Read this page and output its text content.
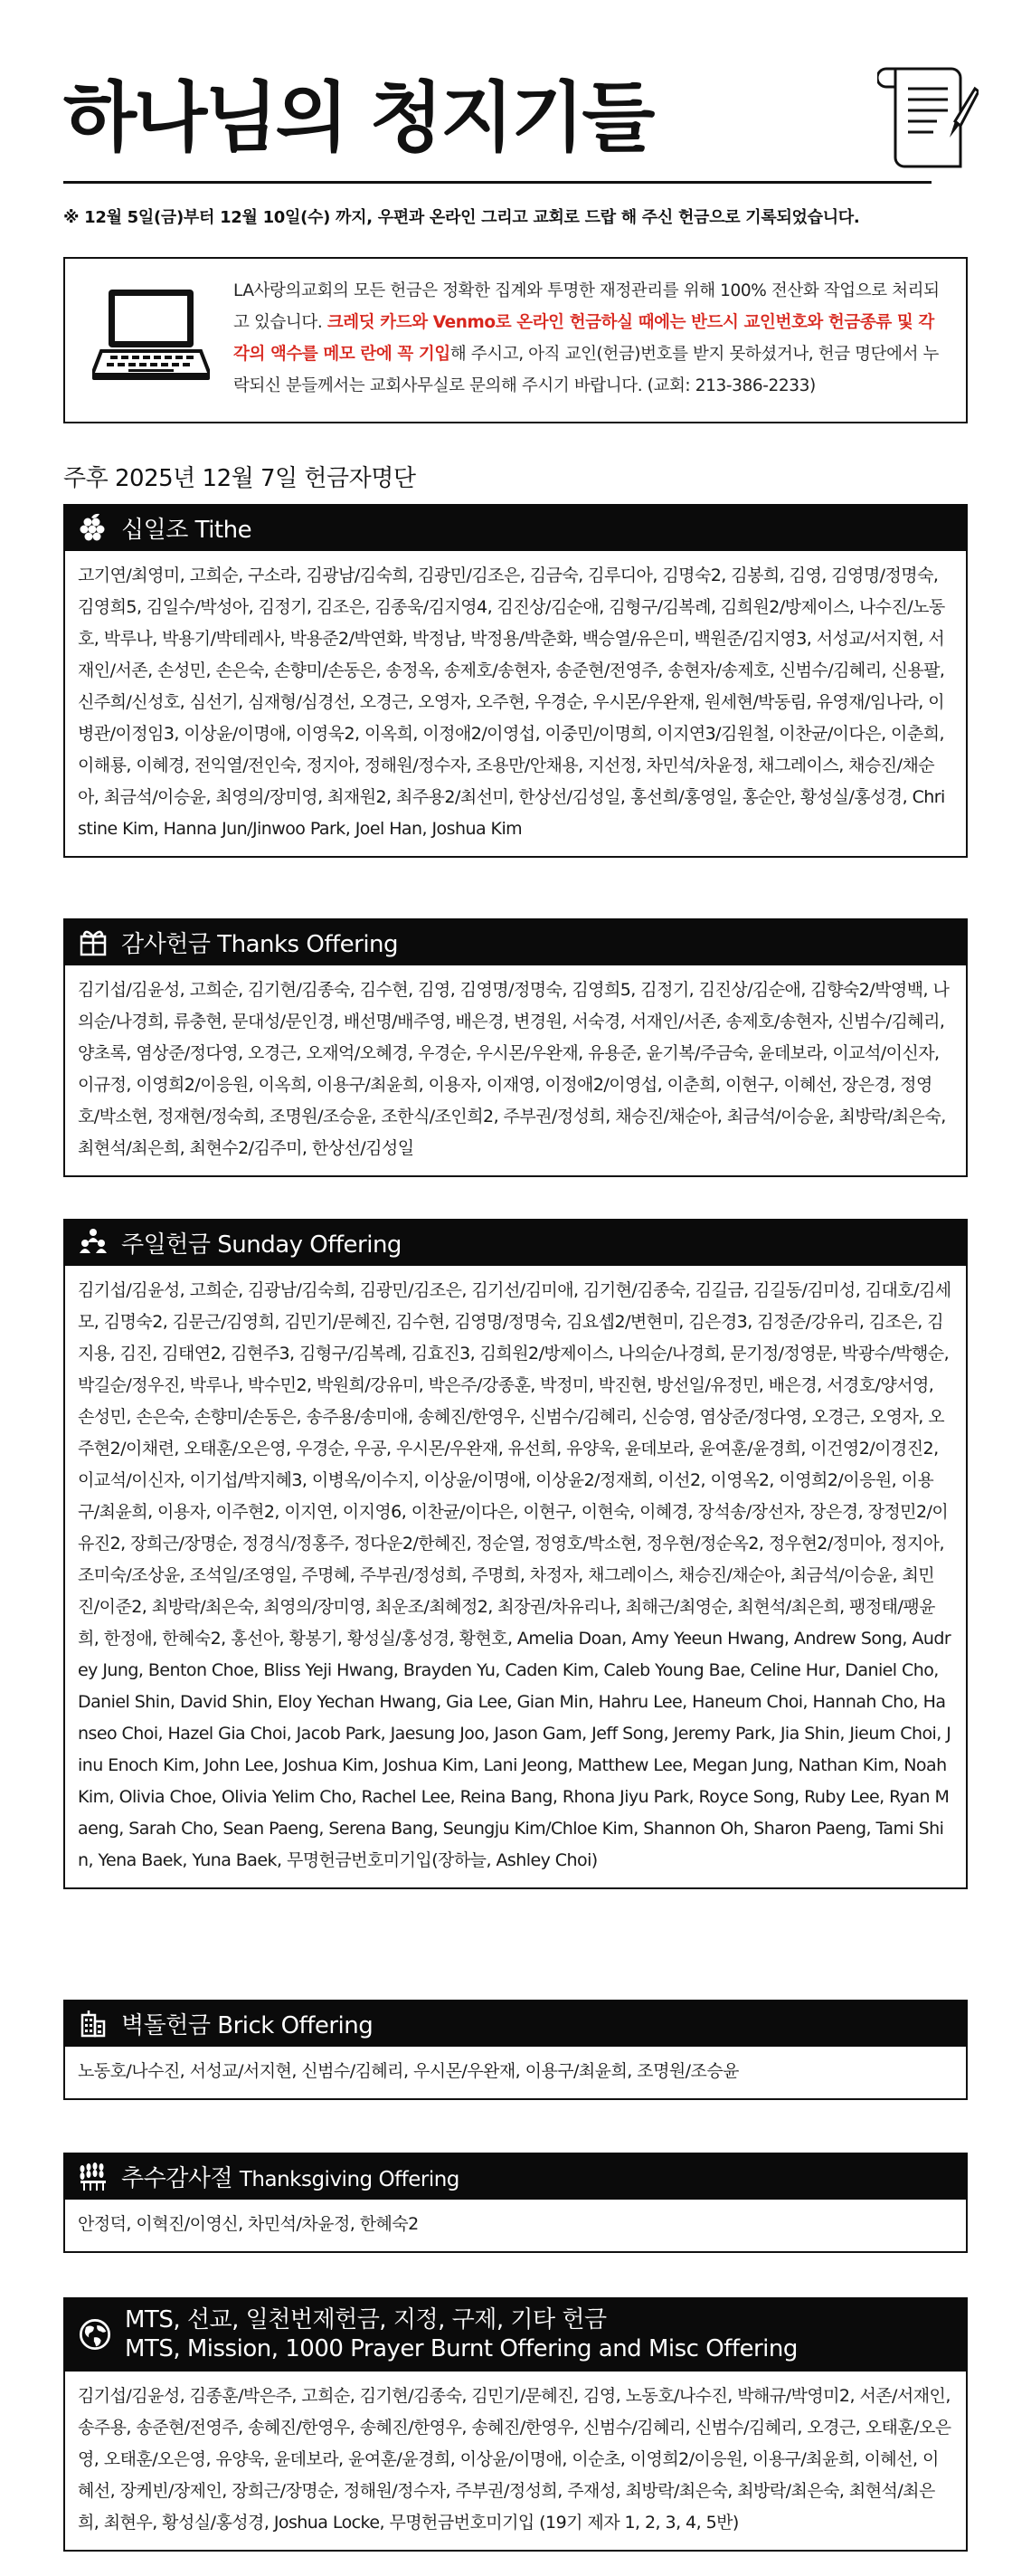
하나님의 청지기들
※ 12월 5일(금)부터 12월 10일(수) 까지, 우편과 온라인 그리고 교회로 드랍 해 주신 헌금으로 기록되었습니다.
LA사랑의교회의 모든 헌금은 정확한 집계와 투명한 재정관리를 위해 100% 전산화 작업으로 처리되고 있습니다. 크레딧 카드와 Venmo로 온라인 헌금하실 때에는 반드시 교인번호와 헌금종류 및 각각의 액수를 메모 란에 꼭 기입해 주시고, 아직 교인(헌금)번호를 받지 못하셨거나, 헌금 명단에서 누락되신 분들께서는 교회사무실로 문의해 주시기 바랍니다. (교회: 213-386-2233)
주후 2025년 12월 7일 헌금자명단
십일조 Tithe
고기연/최영미, 고희순, 구소라, 김광남/김숙희, 김광민/김조은, 김금숙, 김루디아, 김명숙2, 김봉희, 김영, 김영명/정명숙, 김영희5, 김일수/박성아, 김정기, 김조은, 김종욱/김지영4, 김진상/김순애, 김형구/김복례, 김희원2/방제이스, 나수진/노동호, 박루나, 박용기/박테레사, 박용준2/박연화, 박정남, 박정용/박춘화, 백승열/유은미, 백원준/김지영3, 서성교/서지현, 서재인/서존, 손성민, 손은숙, 손향미/손동은, 송정옥, 송제호/송현자, 송준현/전영주, 송현자/송제호, 신범수/김혜리, 신용팔, 신주희/신성호, 심선기, 심재형/심경선, 오경근, 오영자, 오주현, 우경순, 우시몬/우완재, 원세현/박동림, 유영재/임나라, 이병관/이정임3, 이상윤/이명애, 이영욱2, 이옥희, 이정애2/이영섭, 이중민/이명희, 이지연3/김원철, 이찬균/이다은, 이춘희, 이해룡, 이혜경, 전익열/전인숙, 정지아, 정해원/정수자, 조용만/안채용, 지선정, 차민석/차윤정, 채그레이스, 채승진/채순아, 최금석/이승윤, 최영의/장미영, 최재원2, 최주용2/최선미, 한상선/김성일, 홍선희/홍영일, 홍순안, 황성실/홍성경, Christine Kim, Hanna Jun/Jinwoo Park, Joel Han, Joshua Kim
감사헌금 Thanks Offering
김기섭/김윤성, 고희순, 김기현/김종숙, 김수현, 김영, 김영명/정명숙, 김영희5, 김정기, 김진상/김순애, 김향숙2/박영백, 나의순/나경희, 류충현, 문대성/문인경, 배선명/배주영, 배은경, 변경원, 서숙경, 서재인/서존, 송제호/송현자, 신범수/김혜리, 양초록, 염상준/정다영, 오경근, 오재억/오혜경, 우경순, 우시몬/우완재, 유용준, 윤기복/주금숙, 윤데보라, 이교석/이신자, 이규정, 이영희2/이응원, 이옥희, 이용구/최윤희, 이용자, 이재영, 이정애2/이영섭, 이춘희, 이현구, 이혜선, 장은경, 정영호/박소현, 정재현/정숙희, 조명원/조승윤, 조한식/조인희2, 주부권/정성희, 채승진/채순아, 최금석/이승윤, 최방락/최은숙, 최현석/최은희, 최현수2/김주미, 한상선/김성일
주일헌금 Sunday Offering
김기섭/김윤성, 고희순, 김광남/김숙희, 김광민/김조은, 김기선/김미애, 김기현/김종숙, 김길금, 김길동/김미성, 김대호/김세모, 김명숙2, 김문근/김영희, 김민기/문혜진, 김수현, 김영명/정명숙, 김요셉2/변현미, 김은경3, 김정준/강유리, 김조은, 김지용, 김진, 김태연2, 김현주3, 김형구/김복례, 김효진3, 김희원2/방제이스, 나의순/나경희, 문기정/정영문, 박광수/박행순, 박길순/정우진, 박루나, 박수민2, 박원희/강유미, 박은주/강종훈, 박정미, 박진현, 방선일/유정민, 배은경, 서경호/양서영, 손성민, 손은숙, 손향미/손동은, 송주용/송미애, 송혜진/한영우, 신범수/김혜리, 신승영, 염상준/정다영, 오경근, 오영자, 오주현2/이채련, 오태훈/오은영, 우경순, 우공, 우시몬/우완재, 유선희, 유양욱, 윤데보라, 윤여훈/윤경희, 이건영2/이경진2, 이교석/이신자, 이기섭/박지혜3, 이병옥/이수지, 이상윤/이명애, 이상윤2/정재희, 이선2, 이영옥2, 이영희2/이응원, 이용구/최윤희, 이용자, 이주현2, 이지연, 이지영6, 이찬균/이다은, 이현구, 이현숙, 이혜경, 장석송/장선자, 장은경, 장정민2/이유진2, 장희근/장명순, 정경식/정홍주, 정다운2/한혜진, 정순열, 정영호/박소현, 정우현/정순옥2, 정우현2/정미아, 정지아, 조미숙/조상윤, 조석일/조영일, 주명혜, 주부권/정성희, 주명희, 차정자, 채그레이스, 채승진/채순아, 최금석/이승윤, 최민진/이준2, 최방락/최은숙, 최영의/장미영, 최운조/최혜정2, 최장권/차유리나, 최해근/최영순, 최현석/최은희, 팽정태/팽윤희, 한정애, 한혜숙2, 홍선아, 황봉기, 황성실/홍성경, 황현호, Amelia Doan, Amy Yeeun Hwang, Andrew Song, Audrey Jung, Benton Choe, Bliss Yeji Hwang, Brayden Yu, Caden Kim, Caleb Young Bae, Celine Hur, Daniel Cho, Daniel Shin, David Shin, Eloy Yechan Hwang, Gia Lee, Gian Min, Hahru Lee, Haneum Choi, Hannah Cho, Hanseo Choi, Hazel Gia Choi, Jacob Park, Jaesung Joo, Jason Gam, Jeff Song, Jeremy Park, Jia Shin, Jieum Choi, Jinu Enoch Kim, John Lee, Joshua Kim, Joshua Kim, Lani Jeong, Matthew Lee, Megan Jung, Nathan Kim, Noah Kim, Olivia Choe, Olivia Yelim Cho, Rachel Lee, Reina Bang, Rhona Jiyu Park, Royce Song, Ruby Lee, Ryan Maeng, Sarah Cho, Sean Paeng, Serena Bang, Seungju Kim/Chloe Kim, Shannon Oh, Sharon Paeng, Tami Shin, Yena Baek, Yuna Baek, 무명헌금번호미기입(장하늘, Ashley Choi)
벽돌헌금 Brick Offering
노동호/나수진, 서성교/서지현, 신범수/김혜리, 우시몬/우완재, 이용구/최윤희, 조명원/조승윤
추수감사절 Thanksgiving Offering
안정덕, 이혁진/이영신, 차민석/차윤정, 한혜숙2
MTS, 선교, 일천번제헌금, 지정, 구제, 기타 헌금
MTS, Mission, 1000 Prayer Burnt Offering and Misc Offering
김기섭/김윤성, 김종훈/박은주, 고희순, 김기현/김종숙, 김민기/문혜진, 김영, 노동호/나수진, 박해규/박영미2, 서존/서재인, 송주용, 송준현/전영주, 송혜진/한영우, 송혜진/한영우, 송혜진/한영우, 신범수/김혜리, 신범수/김혜리, 오경근, 오태훈/오은영, 오태훈/오은영, 유양욱, 윤데보라, 윤여훈/윤경희, 이상윤/이명애, 이순초, 이영희2/이응원, 이용구/최윤희, 이혜선, 이혜선, 장케빈/장제인, 장희근/장명순, 정해원/정수자, 주부권/정성희, 주재성, 최방락/최은숙, 최방락/최은숙, 최현석/최은희, 최현우, 황성실/홍성경, Joshua Locke, 무명헌금번호미기입 (19기 제자 1, 2, 3, 4, 5반)
